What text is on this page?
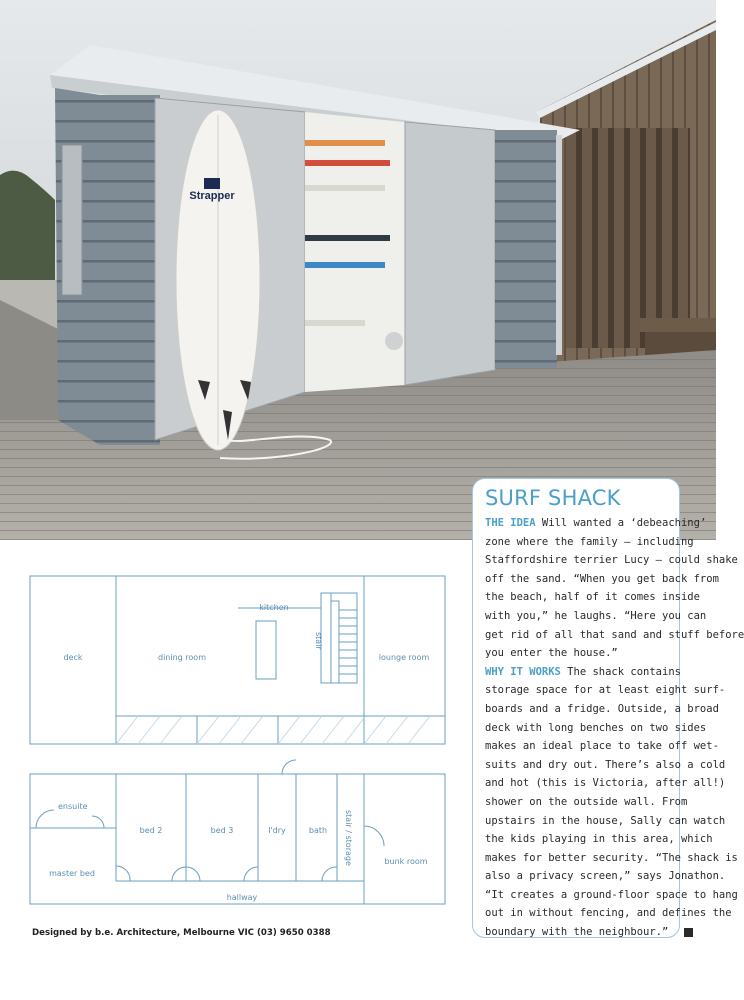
Strapper
deck	dining room
kitchen
stair
lounge room
ensuite
master bed
bed 2	bed 3	l'dry	bath stair / storage	bunk room
hallway
Designed by b.e. Architecture, Melbourne VIC (03) 9650 0388
SURF SHACK
THE IDEA Will wanted a ‘debeaching’
zone where the family – including
Staffordshire terrier Lucy – could shake
off the sand. “When you get back from
the beach, half of it comes inside
with you,” he laughs. “Here you can
get rid of all that sand and stuff before
you enter the house.”
WHY IT WORKS The shack contains
storage space for at least eight surf-
boards and a fridge. Outside, a broad
deck with long benches on two sides
makes an ideal place to take off wet-
suits and dry out. There’s also a cold
and hot (this is Victoria, after all!)
shower on the outside wall. From
upstairs in the house, Sally can watch
the kids playing in this area, which
makes for better security. “The shack is
also a privacy screen,” says Jonathon.
“It creates a ground-floor space to hang
out in without fencing, and defines the
boundary with the neighbour.”
